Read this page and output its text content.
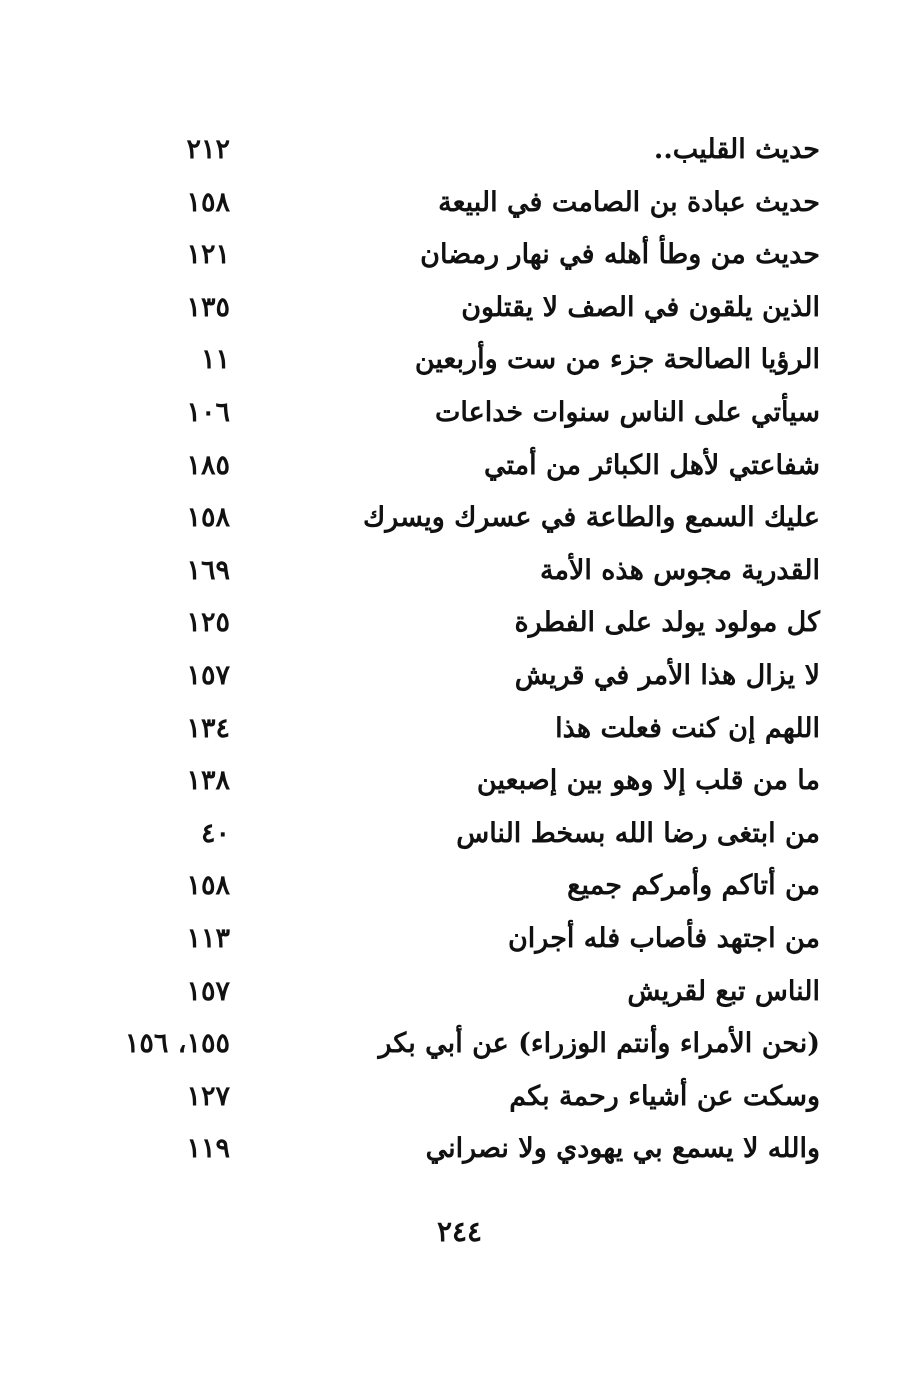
حديث القليب..
٢١٢
حديث عبادة بن الصامت في البيعة
١٥٨
حديث من وطأ أهله في نهار رمضان
١٢١
الذين يلقون في الصف لا يقتلون
١٣٥
الرؤيا الصالحة جزء من ست وأربعين
١١
سيأتي على الناس سنوات خداعات
١٠٦
شفاعتي لأهل الكبائر من أمتي
١٨٥
عليك السمع والطاعة في عسرك ويسرك
١٥٨
القدرية مجوس هذه الأمة
١٦٩
كل مولود يولد على الفطرة
١٢٥
لا يزال هذا الأمر في قريش
١٥٧
اللهم إن كنت فعلت هذا
١٣٤
ما من قلب إلا وهو بين إصبعين
١٣٨
من ابتغى رضا الله بسخط الناس
٤٠
من أتاكم وأمركم جميع
١٥٨
من اجتهد فأصاب فله أجران
١١٣
الناس تبع لقريش
١٥٧
(نحن الأمراء وأنتم الوزراء) عن أبي بكر
١٥٥، ١٥٦
وسكت عن أشياء رحمة بكم
١٢٧
والله لا يسمع بي يهودي ولا نصراني
١١٩
٢٤٤
